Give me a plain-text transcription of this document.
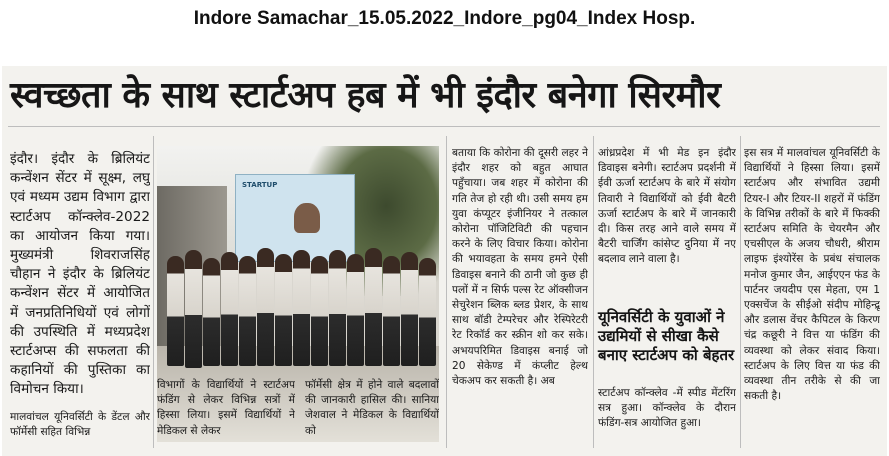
Indore Samachar_15.05.2022_Indore_pg04_Index Hosp.
स्वच्छता के साथ स्टार्टअप हब में भी इंदौर बनेगा सिरमौर

इंदौर। इंदौर के ब्रिलियंट कन्वेंशन सेंटर में सूक्ष्म, लघु एवं मध्यम उद्यम विभाग द्वारा स्टार्टअप कॉन्क्लेव-2022 का आयोजन किया गया। मुख्यमंत्री शिवराजसिंह चौहान ने इंदौर के ब्रिलियंट कन्वेंशन सेंटर में आयोजित में जनप्रतिनिधियों एवं लोगों की उपस्थिति में मध्यप्रदेश स्टार्टअप्स की सफलता की कहानियों की पुस्तिका का विमोचन किया।

मालवांचल यूनिवर्सिटी के डेंटल और फॉर्मेसी सहित विभिन्न

STARTUP

विभागों के विद्यार्थियों ने स्टार्टअप फंडिंग से लेकर विभिन्न सत्रों में हिस्सा लिया। इसमें विद्यार्थियों ने मेडिकल से लेकर

फॉर्मेसी क्षेत्र में होने वाले बदलावों की जानकारी हासिल की। सानिया जेशवाल ने मेडिकल के विद्यार्थियों को

बताया कि कोरोना की दूसरी लहर ने इंदौर शहर को बहुत आघात पहुँचाया। जब शहर में कोरोना की गति तेज हो रही थी। उसी समय हम युवा कंप्यूटर इंजीनियर ने तत्काल कोरोना पॉजिटिविटी की पहचान करने के लिए विचार किया। कोरोना की भयावहता के समय हमने ऐसी डिवाइस बनाने की ठानी जो कुछ ही पलों में न सिर्फ पल्स रेट ऑक्सीजन सेचुरेशन ब्लिक ब्लड प्रेशर, के साथ साथ बॉडी टेम्परेचर और रेस्पिरेटरी रेट रिकॉर्ड कर स्क्रीन शो कर सके। अभयपरिमित डिवाइस बनाई जो 20 सेकेण्ड में कंप्लीट हेल्थ चेकअप कर सकती है। अब

आंध्रप्रदेश में भी मेड इन इंदौर डिवाइस बनेगी। स्टार्टअप प्रदर्शनी में ईवी ऊर्जा स्टार्टअप के बारे में संयोग तिवारी ने विद्यार्थियों को ईवी बैटरी ऊर्जा स्टार्टअप के बारे में जानकारी दी। किस तरह आने वाले समय में बैटरी चार्जिंग कांसेप्ट दुनिया में नए बदलाव लाने वाला है।

यूनिवर्सिटी के युवाओं ने उद्यमियों से सीखा कैसे बनाए स्टार्टअप को बेहतर

स्टार्टअप कॉन्क्लेव -में स्पीड मेंटरिंग सत्र हुआ। कॉन्क्लेव के दौरान फंडिंग-सत्र आयोजित हुआ।

इस सत्र में मालवांचल यूनिवर्सिटी के विद्यार्थियों ने हिस्सा लिया। इसमें स्टार्टअप और संभावित उद्यमी टियर-I और टियर-II शहरों में फंडिंग के विभिन्न तरीकों के बारे में फिक्की स्टार्टअप समिति के चेयरमैन और एचसीएल के अजय चौधरी, श्रीराम लाइफ इंश्योरेंस के प्रबंध संचालक मनोज कुमार जैन, आईएएन फंड के पार्टनर जयदीप एस मेहता, एम 1 एक्सचेंज के सीईओ संदीप मोहिन्द्रू और डलास वेंचर कैपिटल के किरण चंद्र कछूरी ने वित्त या फंडिंग की व्यवस्था को लेकर संवाद किया। स्टार्टअप के लिए वित्त या फंड की व्यवस्था तीन तरीके से की जा सकती है।
